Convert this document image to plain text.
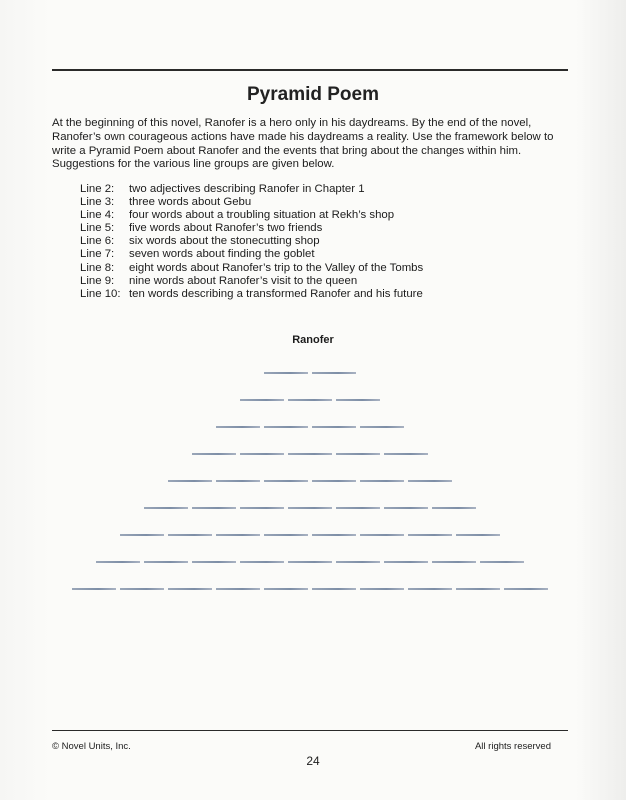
Pyramid Poem
At the beginning of this novel, Ranofer is a hero only in his daydreams. By the end of the novel, Ranofer’s own courageous actions have made his daydreams a reality. Use the framework below to write a Pyramid Poem about Ranofer and the events that bring about the changes within him. Suggestions for the various line groups are given below.
Line 2:	two adjectives describing Ranofer in Chapter 1
Line 3:	three words about Gebu
Line 4:	four words about a troubling situation at Rekh’s shop
Line 5:	five words about Ranofer’s two friends
Line 6:	six words about the stonecutting shop
Line 7:	seven words about finding the goblet
Line 8:	eight words about Ranofer’s trip to the Valley of the Tombs
Line 9:	nine words about Ranofer’s visit to the queen
Line 10: ten words describing a transformed Ranofer and his future
Ranofer
© Novel Units, Inc.
24
All rights reserved
